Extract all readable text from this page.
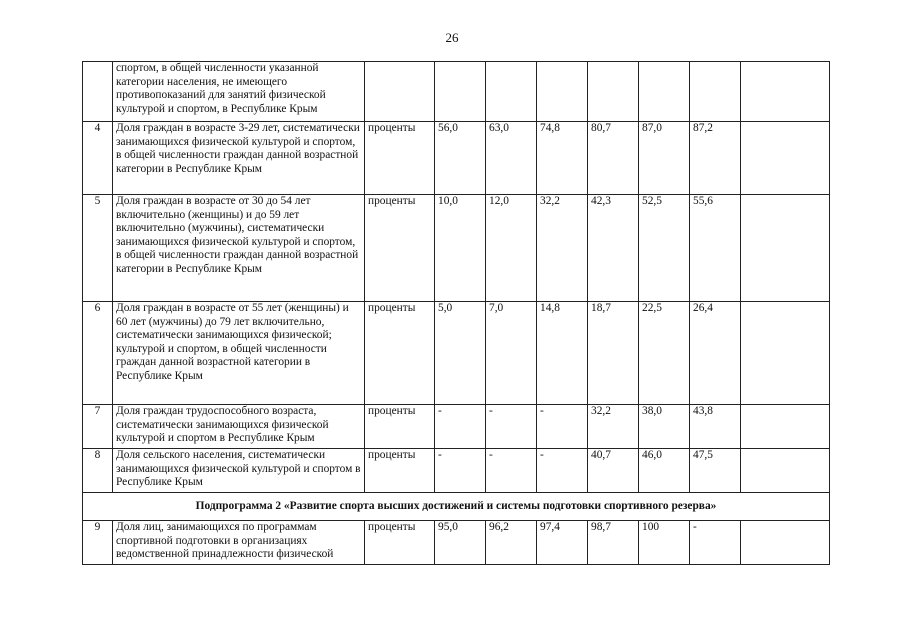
26
	спортом, в общей численности указанной категории населения, не имеющего противопоказаний для занятий физической культурой и спортом, в Республике Крым								
4	Доля граждан в возрасте 3-29 лет, систематически занимающихся физической культурой и спортом, в общей численности граждан данной возрастной категории в Республике Крым	проценты	56,0	63,0	74,8	80,7	87,0	87,2	
5	Доля граждан в возрасте от 30 до 54 лет включительно (женщины) и до 59 лет включительно (мужчины), систематически занимающихся физической культурой и спортом, в общей численности граждан данной возрастной категории в Республике Крым	проценты	10,0	12,0	32,2	42,3	52,5	55,6	
6	Доля граждан в возрасте от 55 лет (женщины) и 60 лет (мужчины) до 79 лет включительно, систематически занимающихся физической; культурой и спортом, в общей численности граждан данной возрастной категории в Республике Крым	проценты	5,0	7,0	14,8	18,7	22,5	26,4	
7	Доля граждан трудоспособного возраста, систематически занимающихся физической культурой и спортом в Республике Крым	проценты	-	-	-	32,2	38,0	43,8	
8	Доля сельского населения, систематически занимающихся физической культурой и спортом в Республике Крым	проценты	-	-	-	40,7	46,0	47,5	
Подпрограмма 2 «Развитие спорта высших достижений и системы подготовки спортивного резерва»									
9	Доля лиц, занимающихся по программам спортивной подготовки в организациях ведомственной принадлежности физической	проценты	95,0	96,2	97,4	98,7	100	-	
